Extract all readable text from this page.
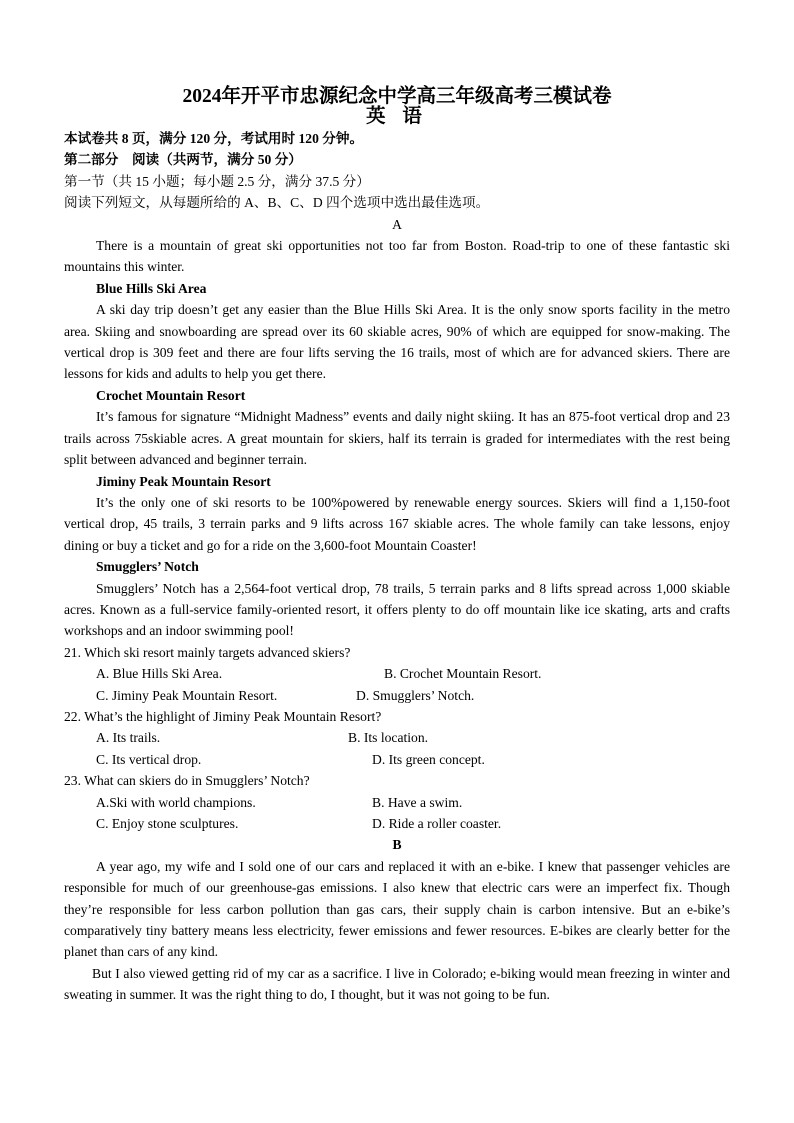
2024年开平市忠源纪念中学高三年级高考三模试卷
英 语
本试卷共 8 页，满分 120 分，考试用时 120 分钟。
第二部分　阅读（共两节，满分 50 分）
第一节（共 15 小题；每小题 2.5 分，满分 37.5 分）
阅读下列短文，从每题所给的 A、B、C、D 四个选项中选出最佳选项。
A

There is a mountain of great ski opportunities not too far from Boston. Road-trip to one of these fantastic ski mountains this winter.

Blue Hills Ski Area

A ski day trip doesn’t get any easier than the Blue Hills Ski Area. It is the only snow sports facility in the metro area. Skiing and snowboarding are spread over its 60 skiable acres, 90% of which are equipped for snow-making. The vertical drop is 309 feet and there are four lifts serving the 16 trails, most of which are for advanced skiers. There are lessons for kids and adults to help you get there.

Crochet Mountain Resort

It’s famous for signature “Midnight Madness” events and daily night skiing. It has an 875-foot vertical drop and 23 trails across 75skiable acres. A great mountain for skiers, half its terrain is graded for intermediates with the rest being split between advanced and beginner terrain.

Jiminy Peak Mountain Resort

It’s the only one of ski resorts to be 100%powered by renewable energy sources. Skiers will find a 1,150-foot vertical drop, 45 trails, 3 terrain parks and 9 lifts across 167 skiable acres. The whole family can take lessons, enjoy dining or buy a ticket and go for a ride on the 3,600-foot Mountain Coaster!

Smugglers’ Notch

Smugglers’ Notch has a 2,564-foot vertical drop, 78 trails, 5 terrain parks and 8 lifts spread across 1,000 skiable acres. Known as a full-service family-oriented resort, it offers plenty to do off mountain like ice skating, arts and crafts workshops and an indoor swimming pool!

21. Which ski resort mainly targets advanced skiers?
A. Blue Hills Ski Area.	B. Crochet Mountain Resort.
C. Jiminy Peak Mountain Resort.	D. Smugglers’ Notch.
22. What’s the highlight of Jiminy Peak Mountain Resort?
A. Its trails.	B. Its location.
C. Its vertical drop.	D. Its green concept.
23. What can skiers do in Smugglers’ Notch?
A.Ski with world champions.	B. Have a swim.
C. Enjoy stone sculptures.	D. Ride a roller coaster.
B

A year ago, my wife and I sold one of our cars and replaced it with an e-bike. I knew that passenger vehicles are responsible for much of our greenhouse-gas emissions. I also knew that electric cars were an imperfect fix. Though they’re responsible for less carbon pollution than gas cars, their supply chain is carbon intensive. But an e-bike’s comparatively tiny battery means less electricity, fewer emissions and fewer resources. E-bikes are clearly better for the planet than cars of any kind.

But I also viewed getting rid of my car as a sacrifice. I live in Colorado; e-biking would mean freezing in winter and sweating in summer. It was the right thing to do, I thought, but it was not going to be fun.
